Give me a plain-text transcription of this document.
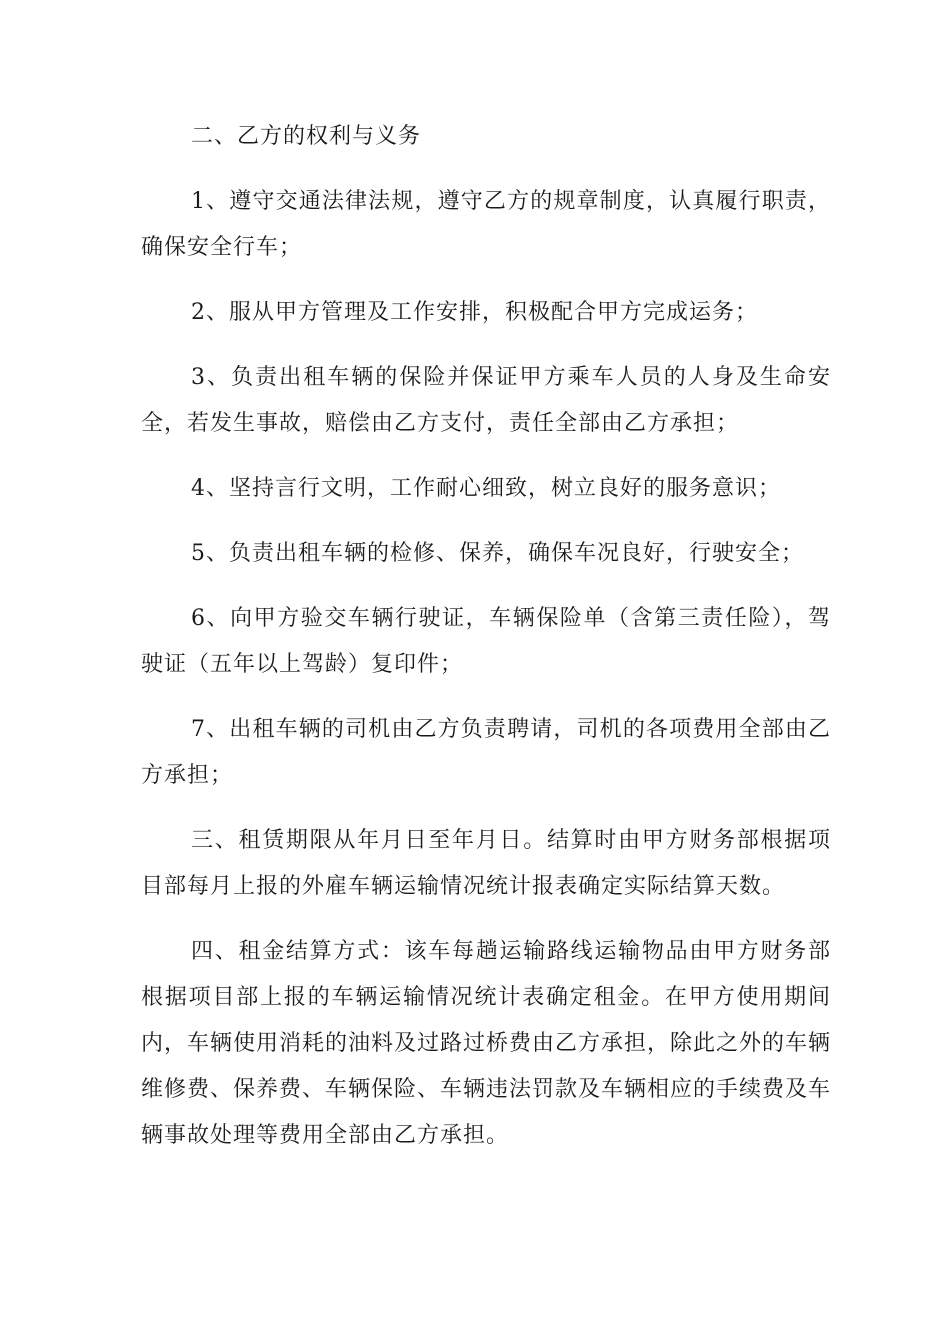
二、乙方的权利与义务

1、遵守交通法律法规，遵守乙方的规章制度，认真履行职责，确保安全行车；

2、服从甲方管理及工作安排，积极配合甲方完成运务；

3、负责出租车辆的保险并保证甲方乘车人员的人身及生命安全，若发生事故，赔偿由乙方支付，责任全部由乙方承担；

4、坚持言行文明，工作耐心细致，树立良好的服务意识；

5、负责出租车辆的检修、保养，确保车况良好，行驶安全；

6、向甲方验交车辆行驶证，车辆保险单（含第三责任险），驾驶证（五年以上驾龄）复印件；

7、出租车辆的司机由乙方负责聘请，司机的各项费用全部由乙方承担；

三、租赁期限从年月日至年月日。结算时由甲方财务部根据项目部每月上报的外雇车辆运输情况统计报表确定实际结算天数。

四、租金结算方式：该车每趟运输路线运输物品由甲方财务部根据项目部上报的车辆运输情况统计表确定租金。在甲方使用期间内，车辆使用消耗的油料及过路过桥费由乙方承担，除此之外的车辆维修费、保养费、车辆保险、车辆违法罚款及车辆相应的手续费及车辆事故处理等费用全部由乙方承担。
